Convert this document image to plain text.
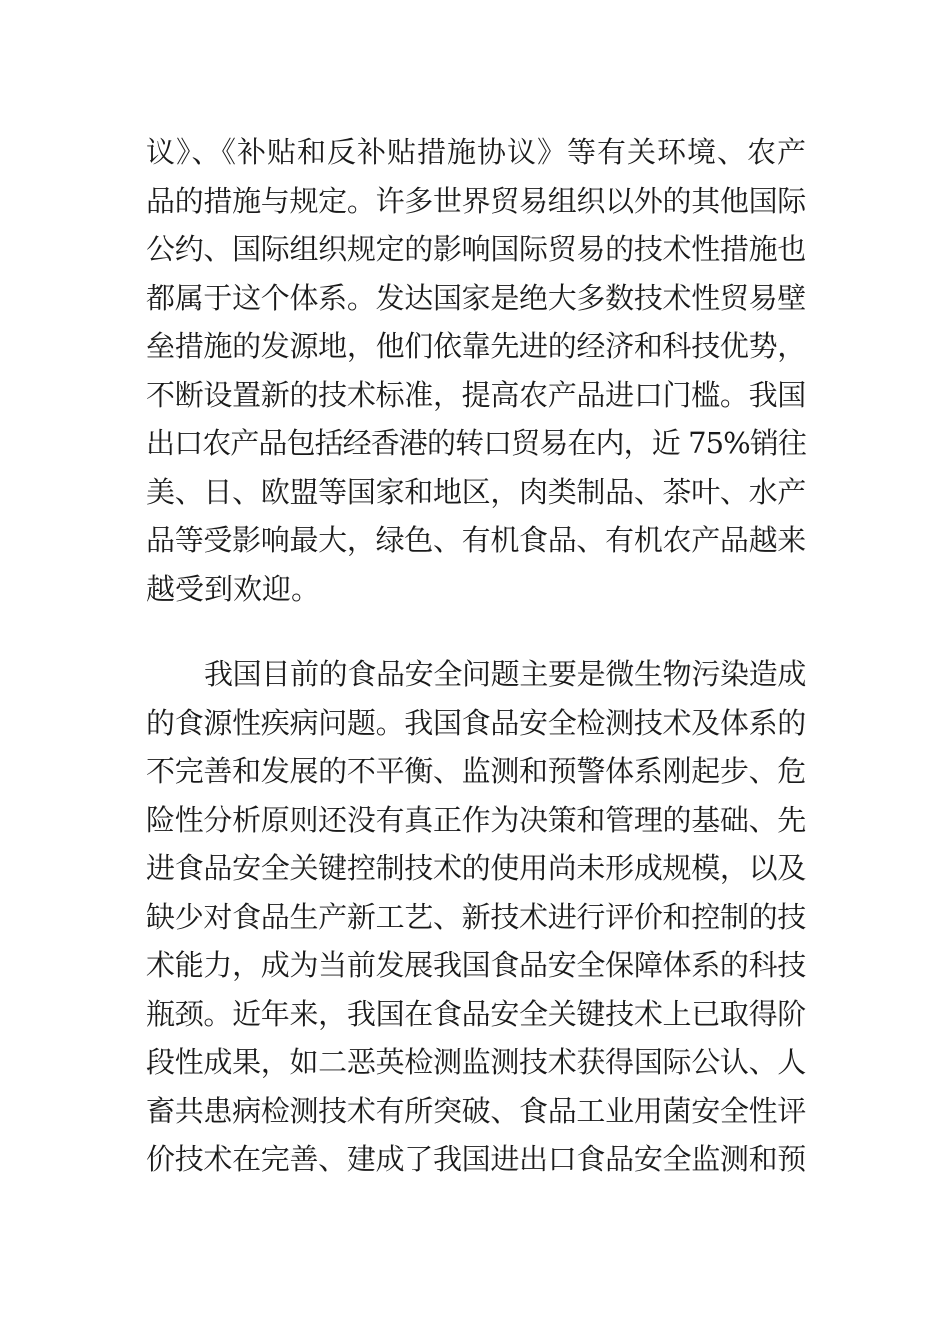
议》、《补贴和反补贴措施协议》等有关环境、农产
品的措施与规定。许多世界贸易组织以外的其他国际
公约、国际组织规定的影响国际贸易的技术性措施也
都属于这个体系。发达国家是绝大多数技术性贸易壁
垒措施的发源地，他们依靠先进的经济和科技优势，
不断设置新的技术标准，提高农产品进口门槛。我国
出口农产品包括经香港的转口贸易在内，近 75%销往
美、日、欧盟等国家和地区，肉类制品、茶叶、水产
品等受影响最大，绿色、有机食品、有机农产品越来
越受到欢迎。
我国目前的食品安全问题主要是微生物污染造成
的食源性疾病问题。我国食品安全检测技术及体系的
不完善和发展的不平衡、监测和预警体系刚起步、危
险性分析原则还没有真正作为决策和管理的基础、先
进食品安全关键控制技术的使用尚未形成规模，以及
缺少对食品生产新工艺、新技术进行评价和控制的技
术能力，成为当前发展我国食品安全保障体系的科技
瓶颈。近年来，我国在食品安全关键技术上已取得阶
段性成果，如二恶英检测监测技术获得国际公认、人
畜共患病检测技术有所突破、食品工业用菌安全性评
价技术在完善、建成了我国进出口食品安全监测和预
